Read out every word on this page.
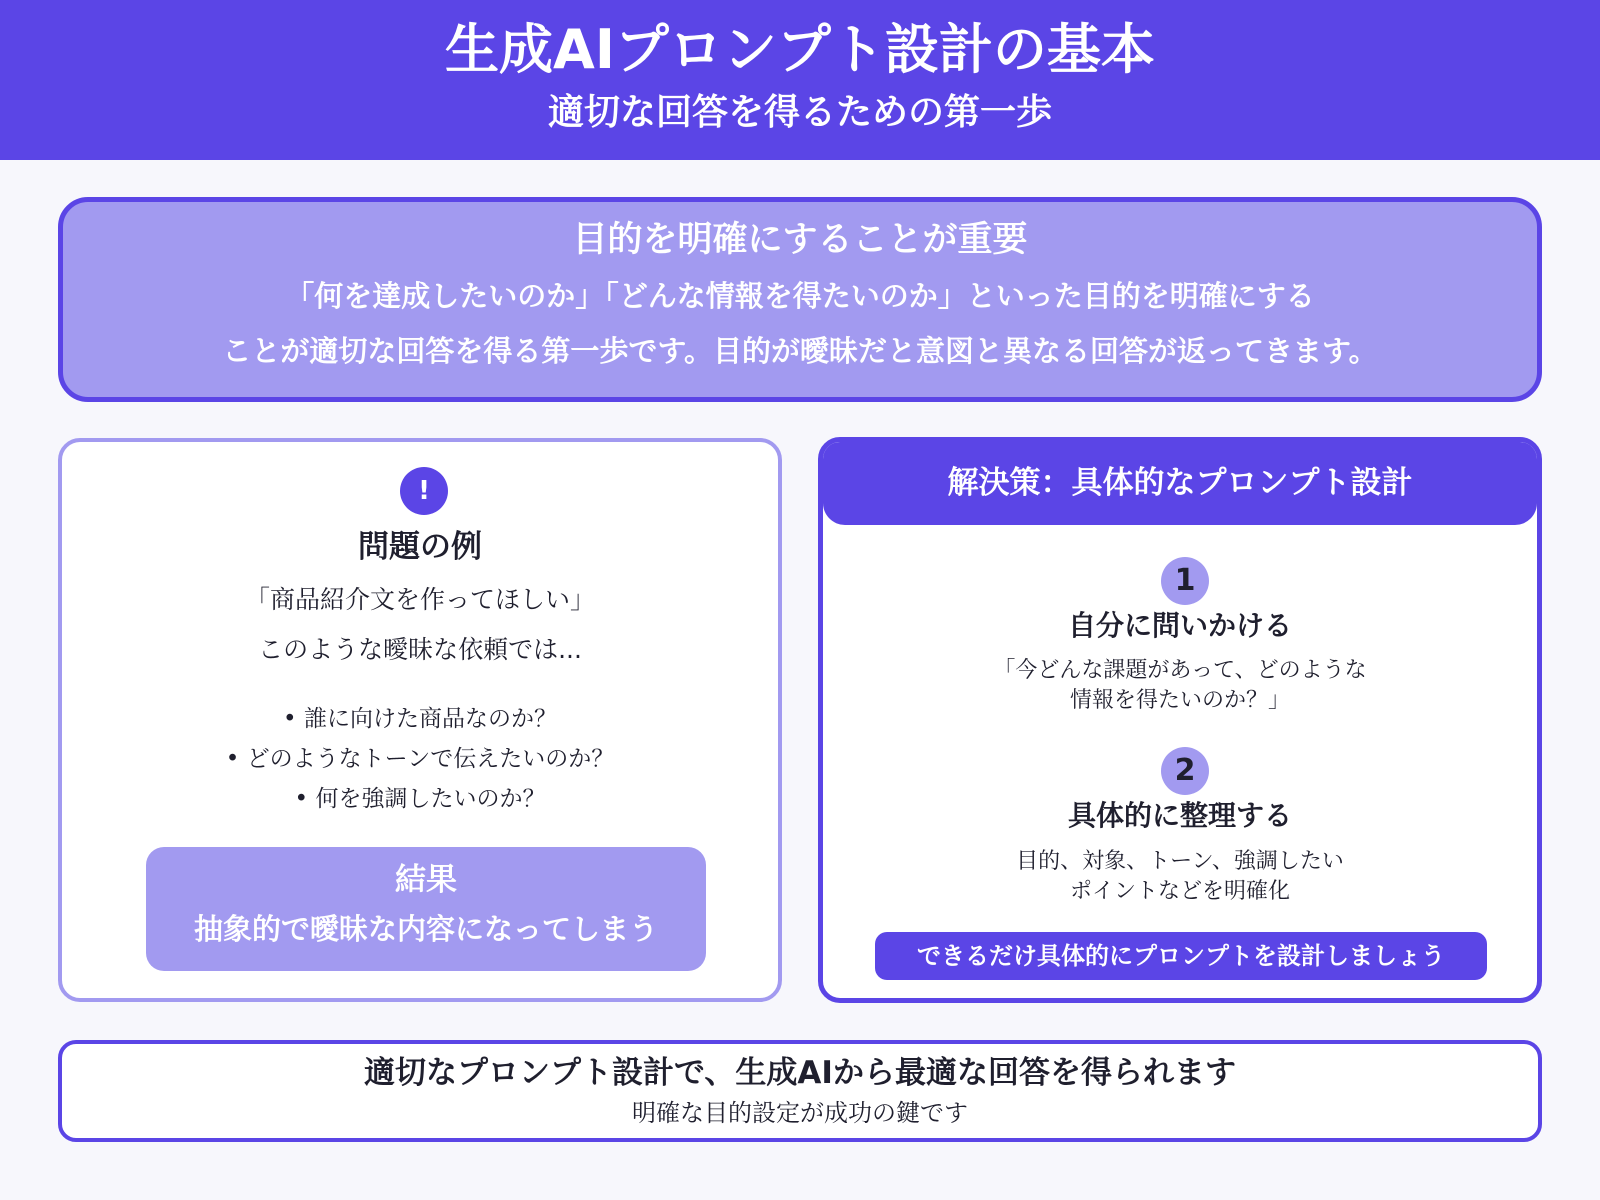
生成AIプロンプト設計の基本
適切な回答を得るための第一歩
目的を明確にすることが重要
「何を達成したいのか」「どんな情報を得たいのか」といった目的を明確にする
ことが適切な回答を得る第一歩です。目的が曖昧だと意図と異なる回答が返ってきます。
!
問題の例
「商品紹介文を作ってほしい」
このような曖昧な依頼では...
• 誰に向けた商品なのか？
• どのようなトーンで伝えたいのか？
• 何を強調したいのか？
結果
抽象的で曖昧な内容になってしまう
解決策：具体的なプロンプト設計
1
自分に問いかける
「今どんな課題があって、どのような
情報を得たいのか？」
2
具体的に整理する
目的、対象、トーン、強調したい
ポイントなどを明確化
できるだけ具体的にプロンプトを設計しましょう
適切なプロンプト設計で、生成AIから最適な回答を得られます
明確な目的設定が成功の鍵です
